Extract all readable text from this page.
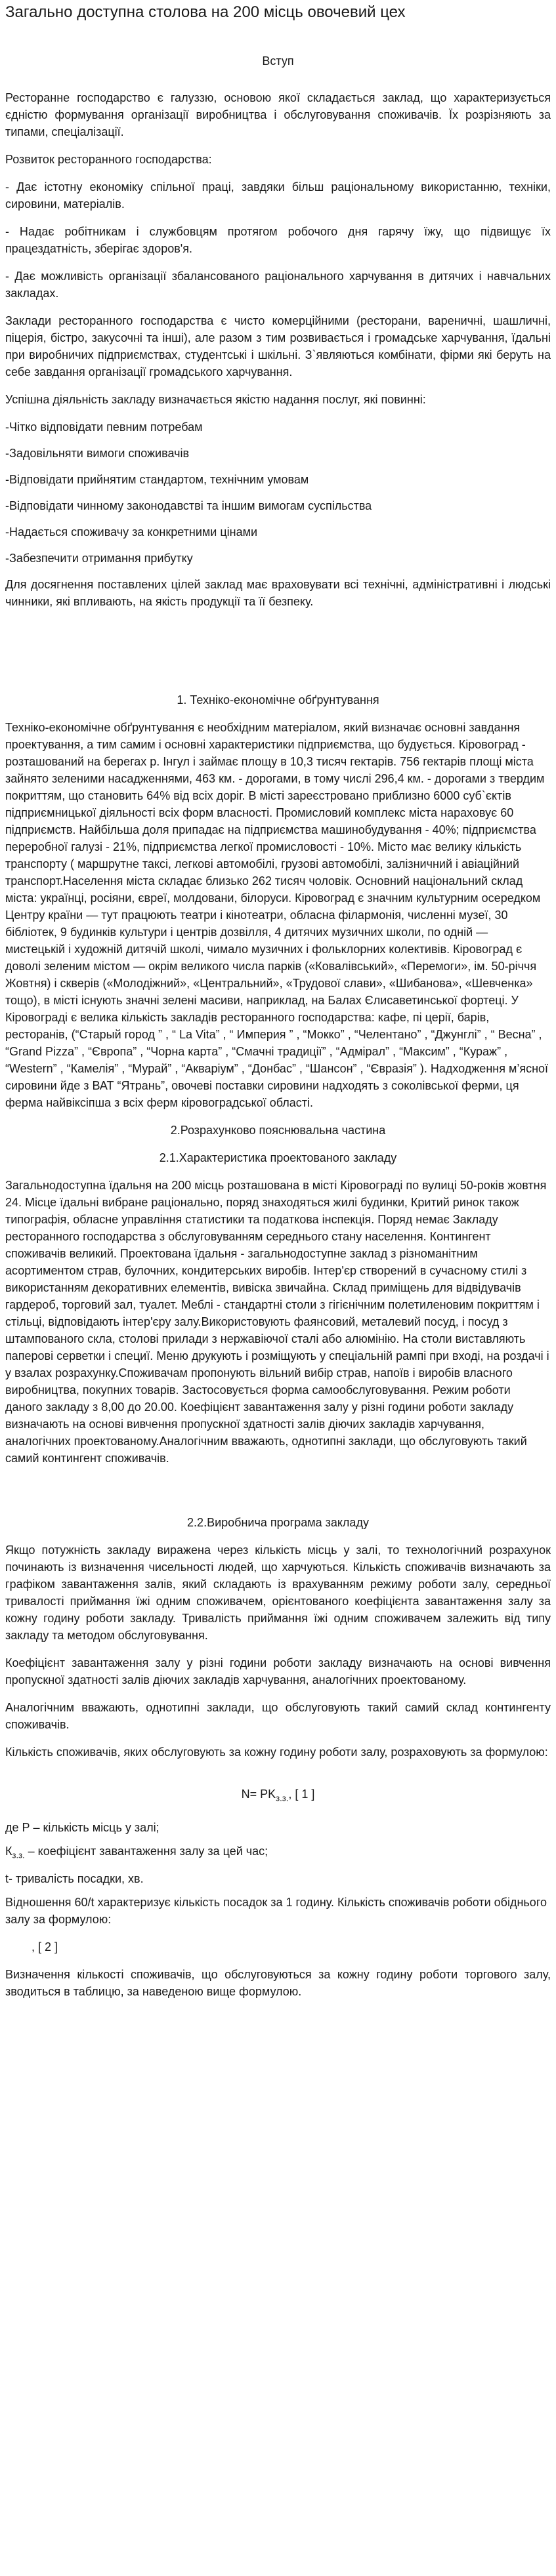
Загально доступна столова на 200 місць овочевий цех

Вступ

Ресторанне господарство є галуззю, основою якої складається заклад, що характеризується єдністю формування організації виробництва і обслуговування споживачів. Їх розрізняють за типами, спеціалізації.

Розвиток ресторанного господарства:

- Дає істотну економіку спільної праці, завдяки більш раціональному використанню, техніки, сировини, матеріалів.

- Надає робітникам і службовцям протягом робочого дня гарячу їжу, що підвищує їх працездатність, зберігає здоров'я.

- Дає можливість організації збалансованого раціонального харчування в дитячих і навчальних закладах.

Заклади ресторанного господарства є чисто комерційними (ресторани, вареничні, шашличні, піцерія, бістро, закусочні та інші), але разом з тим розвивається і громадське харчування, їдальні при виробничих підприємствах, студентські і шкільні. З`являються комбінати, фірми які беруть на себе завдання організації громадського харчування.

Успішна діяльність закладу визначається якістю надання послуг, які повинні:

-Чітко відповідати певним потребам

-Задовільняти вимоги споживачів

-Відповідати прийнятим стандартом, технічним умовам

-Відповідати чинному законодавстві та іншим вимогам суспільства

-Надається споживачу за конкретними цінами

-Забезпечити отримання прибутку

Для досягнення поставлених цілей заклад має враховувати всі технічні, адміністративні і людські чинники, які впливають, на якість продукції та її безпеку.

1. Техніко-економічне обґрунтування

Техніко-економічне обґрунтування є необхідним матеріалом, який визначає основні завдання проектування, а тим самим і основні характеристики підприємства, що будується. Кіровоград - розташований на берегах р. Інгул і займає площу в 10,3 тисяч гектарів. 756 гектарів площі міста зайнято зеленими насадженнями, 463 км. - дорогами, в тому числі 296,4 км. - дорогами з твердим покриттям, що становить 64% від всіх доріг. В місті зареєстровано приблизно 6000 суб`єктів підприємницької діяльності всіх форм власності. Промисловий комплекс міста нараховує 60 підприємств. Найбільша доля припадає на підприємства машинобудування - 40%; підприємства переробної галузі - 21%, підприємства легкої промисловості - 10%. Місто має велику кількість транспорту ( маршрутне таксі, легкові автомобілі, грузові автомобілі, залізничний і авіаційний транспорт.Населення міста складає близько 262 тисяч чоловік. Основний національний склад міста: українці, росіяни, євреї, молдовани, білоруси. Кіровоград є значним культурним осередком Центру країни — тут працюють театри і кінотеатри, обласна філармонія, численні музеї, 30 бібліотек, 9 будинків культури і центрів дозвілля, 4 дитячих музичних школи, по одній — мистецькій і художній дитячій школі, чимало музичних і фольклорних колективів. Кіровоград є доволі зеленим містом — окрім великого числа парків («Ковалівський», «Перемоги», ім. 50-річчя Жовтня) і скверів («Молодіжний», «Центральний», «Трудової слави», «Шибанова», «Шевченка» тощо), в місті існують значні зелені масиви, наприклад, на Балах Єлисаветинської фортеці. У Кіровограді є велика кількість закладів ресторанного господарства: кафе, пі церії, барів, ресторанів, (“Старый город ” , “ La Vita” , “ Империя ” , “Мокко” , “Челентано” , “Джунглі” , “ Весна” , “Grand Pizza” , “Європа” , “Чорна карта” , “Смачні традиції” , “Адмірал” , “Максим” , “Кураж” , “Western” , “Камелія” , “Мурай” , “Акваріум” , “Донбас” , “Шансон” , “Євразія” ). Надходження м’ясної сировини йде з ВАТ “Ятрань”, овочеві поставки сировини надходять з соколівської ферми, ця ферма найвіксіпша з всіх ферм кіровоградської області.

2.Розрахунково пояснювальна частина

2.1.Характеристика проектованого закладу

Загальнодоступна їдальня на 200 місць розташована в місті Кіровограді по вулиці 50-років жовтня 24. Місце їдальні вибране раціонально, поряд знаходяться жилі будинки, Критий ринок також типографія, обласне управління статистики та податкова інспекція. Поряд немає Закладу ресторанного господарства з обслуговуванням середнього стану населення. Контингент споживачів великий. Проектована їдальня - загальнодоступне заклад з різноманітним асортиментом страв, булочних, кондитерських виробів. Інтер'єр створений в сучасному стилі з використанням декоративних елементів, вивіска звичайна. Склад приміщень для відвідувачів гардероб, торговий зал, туалет. Меблі - стандартні столи з гігієнічним полетиленовим покриттям і стільці, відповідають інтер'єру залу.Використовують фаянсовий, металевий посуд, і посуд з штампованого скла, столові прилади з нержавіючої сталі або алюмінію. На столи виставляють паперові серветки і специї. Меню друкують і розміщують у спеціальній рампі при вході, на роздачі і у взалах розрахунку.Споживачам пропонують вільний вибір страв, напоїв і виробів власного виробництва, покупних товарів. Застосовується форма самообслуговування. Режим роботи даного закладу з 8,00 до 20.00. Коефіцієнт завантаження залу у різні години роботи закладу визначають на основі вивчення пропускної здатності залів діючих закладів харчування, аналогічних проектованому.Аналогічним вважають, однотипні заклади, що обслуговують такий самий контингент споживачів.

2.2.Виробнича програма закладу

Якщо потужність закладу виражена через кількість місць у залі, то технологічний розрахунок починають із визначення чисельності людей, що харчуються. Кількість споживачів визначають за графіком завантаження залів, який складають із врахуванням режиму роботи залу, середньої тривалості приймання їжі одним споживачем, орієнтованого коефіцієнта завантаження залу за кожну годину роботи закладу. Тривалість приймання їжі одним споживачем залежить від типу закладу та методом обслуговування.

Коефіцієнт завантаження залу у різні години роботи закладу визначають на основі вивчення пропускної здатності залів діючих закладів харчування, аналогічних проектованому.

Аналогічним вважають, однотипні заклади, що обслуговують такий самий склад контингенту споживачів.

Кількість споживачів, яких обслуговують за кожну годину роботи залу, розраховують за формулою:

$N= PK_{з.з.}$, [ 1 ]

де Р – кількість місць у залі;

$К_{з.з.}$ – коефіцієнт завантаження залу за цей час;

t- тривалість посадки, хв.

Відношення 60/t характеризує кількість посадок за 1 годину. Кількість споживачів роботи обіднього залу за формулою:

, [ 2 ]

Визначення кількості споживачів, що обслуговуються за кожну годину роботи торгового залу, зводиться в таблицю, за наведеною вище формулою.
